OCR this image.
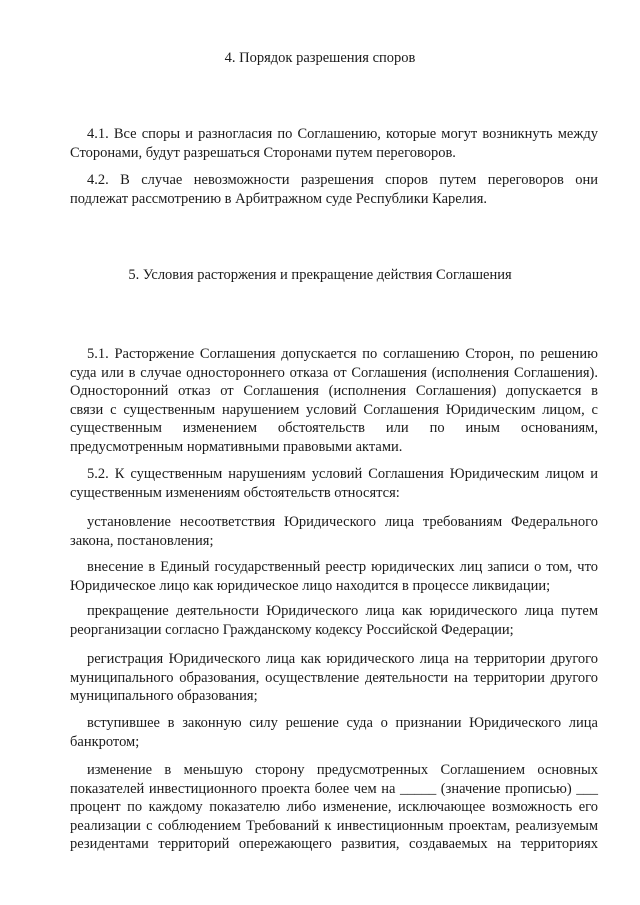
4. Порядок разрешения споров
4.1. Все споры и разногласия по Соглашению, которые могут возникнуть между
Сторонами, будут разрешаться Сторонами путем переговоров.
4.2. В случае невозможности разрешения споров путем переговоров они
подлежат рассмотрению в Арбитражном суде Республики Карелия.
5. Условия расторжения и прекращение действия Соглашения
5.1. Расторжение Соглашения допускается по соглашению Сторон, по решению
суда или в случае одностороннего отказа от Соглашения (исполнения Соглашения).
Односторонний отказ от Соглашения (исполнения Соглашения) допускается в
связи с существенным нарушением условий Соглашения Юридическим лицом, с
существенным изменением обстоятельств или по иным основаниям,
предусмотренным нормативными правовыми актами.
5.2. К существенным нарушениям условий Соглашения Юридическим лицом и
существенным изменениям обстоятельств относятся:
установление несоответствия Юридического лица требованиям Федерального
закона, постановления;
внесение в Единый государственный реестр юридических лиц записи о том, что
Юридическое лицо как юридическое лицо находится в процессе ликвидации;
прекращение деятельности Юридического лица как юридического лица путем
реорганизации согласно Гражданскому кодексу Российской Федерации;
регистрация Юридического лица как юридического лица на территории другого
муниципального образования, осуществление деятельности на территории другого
муниципального образования;
вступившее в законную силу решение суда о признании Юридического лица
банкротом;
изменение в меньшую сторону предусмотренных Соглашением основных
показателей инвестиционного проекта более чем на _____ (значение прописью) ___
процент по каждому показателю либо изменение, исключающее возможность его
реализации с соблюдением Требований к инвестиционным проектам, реализуемым
резидентами территорий опережающего развития, создаваемых на территориях
